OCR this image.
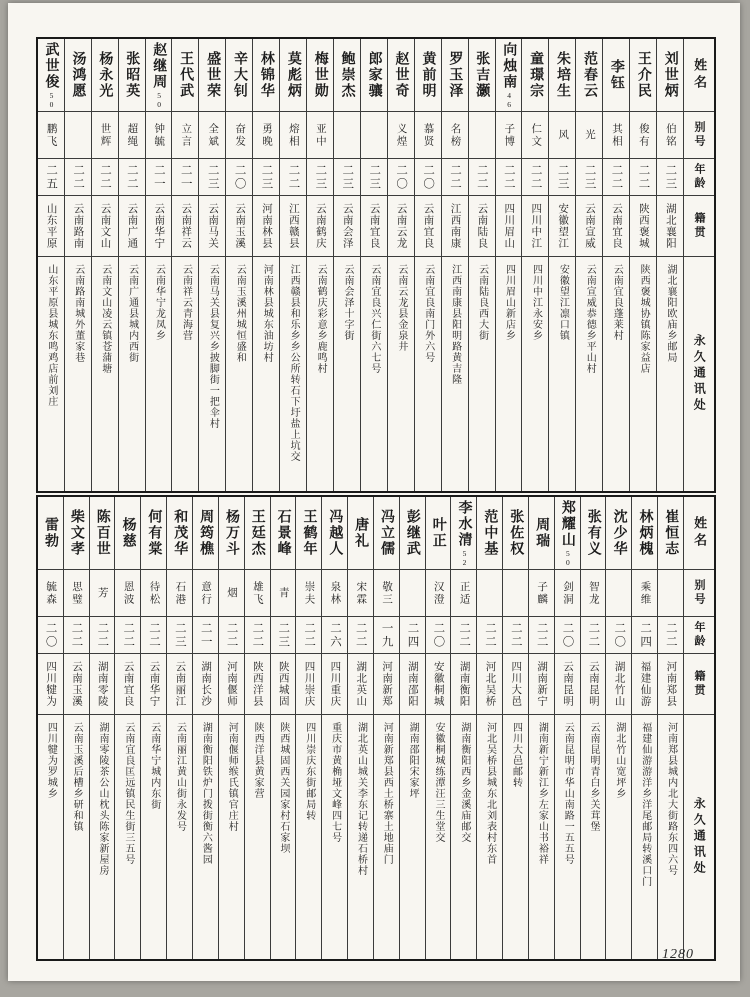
姓名
别号
年龄
籍贯
永久通讯处
刘世炳
伯铭
二三
湖北襄阳
湖北襄阳欧庙乡邮局
王介民
俊有
二二
陕西褒城
陕西褒城协镇陈家益店
李钰
其相
二二
云南宜良
云南宜良蓬莱村
范春云
光
二三
云南宣威
云南宣威恭德乡平山村
朱培生
风
二三
安徽望江
安徽望江凛口镇
童璟宗
仁文
二二
四川中江
四川中江永安乡
向烛南
46
子博
二二
四川眉山
四川眉山新店乡
张吉灏
二二
云南陆良
云南陆良西大街
罗玉泽
名榜
二二
江西南康
江西南康县阳明路黄吉隆
黄前明
慕贤
二〇
云南宜良
云南宜良南门外六号
赵世奇
义煌
二〇
云南云龙
云南云龙县金泉井
郎家骧
二三
云南宜良
云南宜良兴仁街六七号
鲍崇杰
二三
云南会泽
云南会泽十字街
梅世勋
亚中
二三
云南鹤庆
云南鹤庆彩意乡鹿鸣村
莫彪炳
熔相
二二
江西赣县
江西赣县和乐乡乡公所转石下圩盐上坑交
林锦华
勇晚
二三
河南林县
河南林县城东油坊村
辛大钊
奋发
二〇
云南玉溪
云南玉溪州城恒盛和
盛世荣
全斌
二三
云南马关
云南马关县复兴乡披脚街一把伞村
王代武
立言
二一
云南祥云
云南祥云青海营
赵继周
50
钟毓
二一
云南华宁
云南华宁龙凤乡
张昭英
超绳
二二
云南广通
云南广通县城内西街
杨永光
世辉
二二
云南文山
云南文山凌云镇苍蒲塘
汤鸿愿
二二
云南路南
云南路南城外董家巷
武世俊
50
鹏飞
二五
山东平原
山东平原县城东鸣鸡店前刘庄
姓名
别号
年龄
籍贯
永久通讯处
崔恒志
二二
河南郑县
河南郑县城内北大街路东四六号
林炳槐
乘维
二四
福建仙游
福建仙游游洋乡洋尾邮局转溪口门
沈少华
二〇
湖北竹山
湖北竹山宽坪乡
张有义
智龙
二二
云南昆明
云南昆明青白乡关茸堡
郑耀山
50
剑洞
二〇
云南昆明
云南昆明市华山南路一五五号
周瑞
子麟
二二
湖南新宁
湖南新宁新江乡左家山书裕祥
张佐权
二二
四川大邑
四川大邑邮转
范中基
二二
河北吴桥
河北吴桥县城东北刘表村东首
李水清
52
正适
二二
湖南衡阳
湖南衡阳西乡金溪庙邮交
叶正
汉澄
二〇
安徽桐城
安徽桐城练潭汪三生堂交
彭继武
二四
湖南邵阳
湖南邵阳宋家坪
冯立儒
敬三
一九
河南新郑
河南新郑县西土桥寨土地庙门
唐礼
宋霖
二二
湖北英山
湖北英山城关李东记转递石桥村
冯越人
泉林
二六
四川重庆
重庆市黄桷垭文峰四七号
王鹤年
崇夫
二二
四川崇庆
四川崇庆东街邮局转
石景峰
青
二三
陕西城固
陕西城固西关园家村石家坝
王廷杰
雄飞
二二
陕西洋县
陕西洋县黄家营
杨万斗
烟
二二
河南偃师
河南偃师缑氏镇官庄村
周筠樵
意行
二一
湖南长沙
湖南衡阳铁炉门拨街衡六酱园
和茂华
石港
二三
云南丽江
云南丽江黄山街永发号
何有棠
待松
二二
云南华宁
云南华宁城内东街
杨慈
恩波
二二
云南宜良
云南宜良匡远镇民生街三五号
陈百世
芳
二二
湖南零陵
湖南零陵茶公山枕头陈家新屋房
柴文孝
思璧
二二
云南玉溪
云南玉溪后槽乡研和镇
雷勃
毓森
二〇
四川犍为
四川犍为罗城乡
1280
